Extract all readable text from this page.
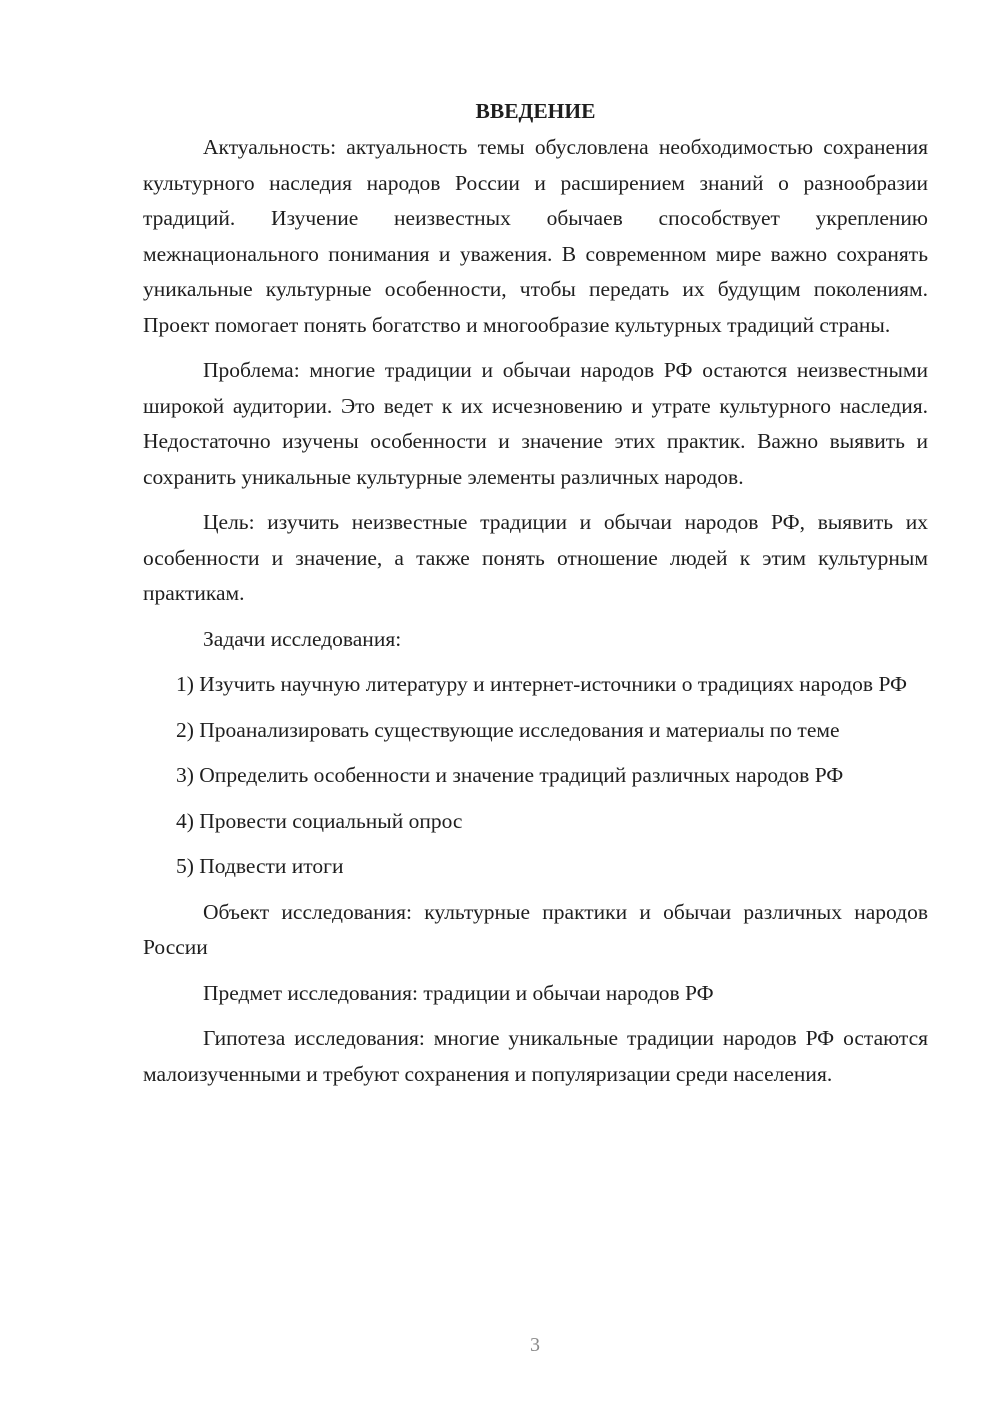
ВВЕДЕНИЕ

Актуальность: актуальность темы обусловлена необходимостью сохранения культурного наследия народов России и расширением знаний о разнообразии традиций. Изучение неизвестных обычаев способствует укреплению межнационального понимания и уважения. В современном мире важно сохранять уникальные культурные особенности, чтобы передать их будущим поколениям. Проект помогает понять богатство и многообразие культурных традиций страны.

Проблема: многие традиции и обычаи народов РФ остаются неизвестными широкой аудитории. Это ведет к их исчезновению и утрате культурного наследия. Недостаточно изучены особенности и значение этих практик. Важно выявить и сохранить уникальные культурные элементы различных народов.

Цель: изучить неизвестные традиции и обычаи народов РФ, выявить их особенности и значение, а также понять отношение людей к этим культурным практикам.

Задачи исследования:

1) Изучить научную литературу и интернет-источники о традициях народов РФ

2) Проанализировать существующие исследования и материалы по теме

3) Определить особенности и значение традиций различных народов РФ

4) Провести социальный опрос

5) Подвести итоги

Объект исследования: культурные практики и обычаи различных народов России

Предмет исследования: традиции и обычаи народов РФ

Гипотеза исследования: многие уникальные традиции народов РФ остаются малоизученными и требуют сохранения и популяризации среди населения.

3
